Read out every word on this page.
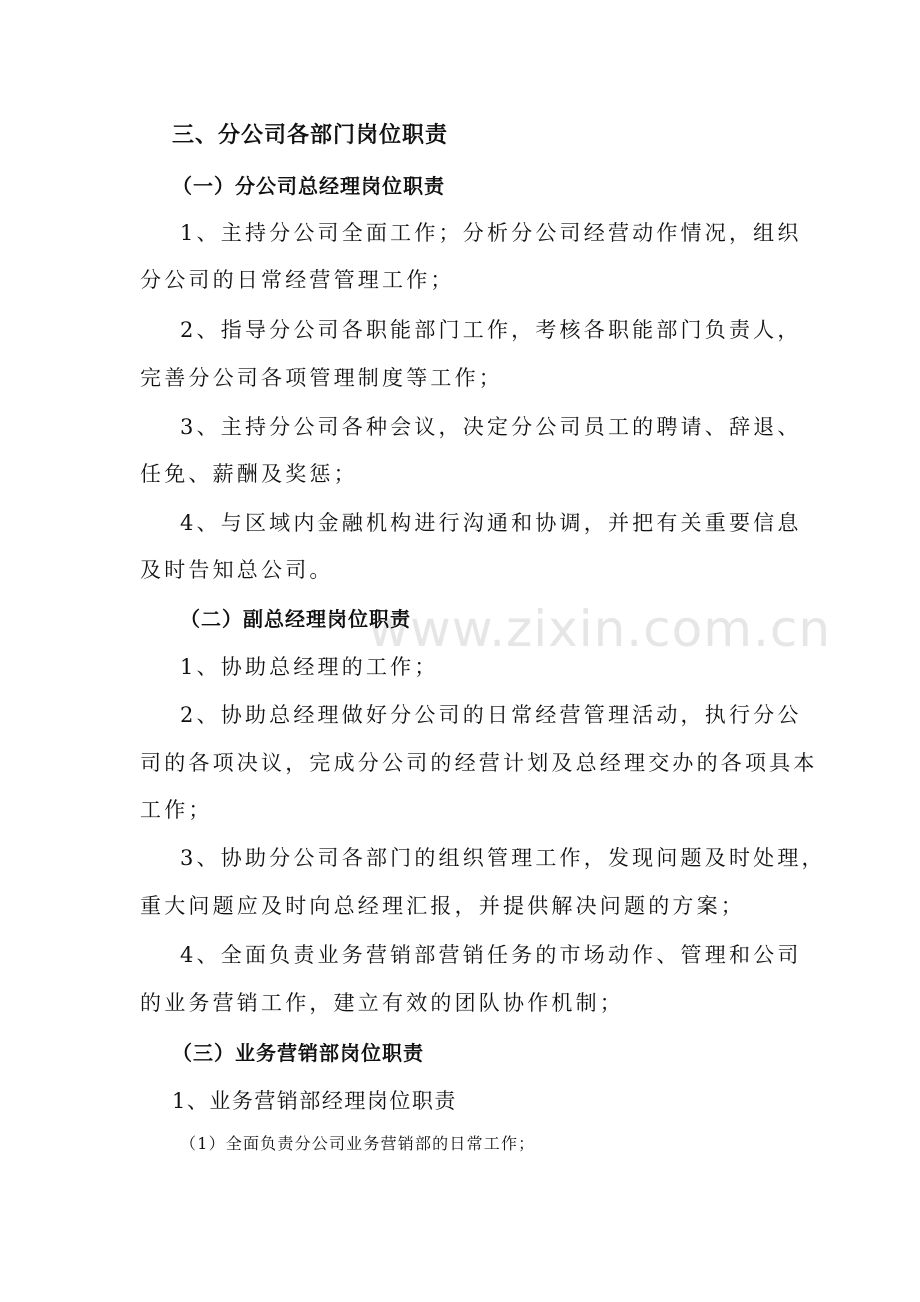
www.zixin.com.cn
三、分公司各部门岗位职责
（一）分公司总经理岗位职责
1、主持分公司全面工作；分析分公司经营动作情况，组织
分公司的日常经营管理工作；
2、指导分公司各职能部门工作，考核各职能部门负责人，
完善分公司各项管理制度等工作；
3、主持分公司各种会议，决定分公司员工的聘请、辞退、
任免、薪酬及奖惩；
4、与区域内金融机构进行沟通和协调，并把有关重要信息
及时告知总公司。
（二）副总经理岗位职责
1、协助总经理的工作；
2、协助总经理做好分公司的日常经营管理活动，执行分公
司的各项决议，完成分公司的经营计划及总经理交办的各项具本
工作；
3、协助分公司各部门的组织管理工作，发现问题及时处理，
重大问题应及时向总经理汇报，并提供解决问题的方案；
4、全面负责业务营销部营销任务的市场动作、管理和公司
的业务营销工作，建立有效的团队协作机制；
（三）业务营销部岗位职责
1、业务营销部经理岗位职责
（1）全面负责分公司业务营销部的日常工作；
